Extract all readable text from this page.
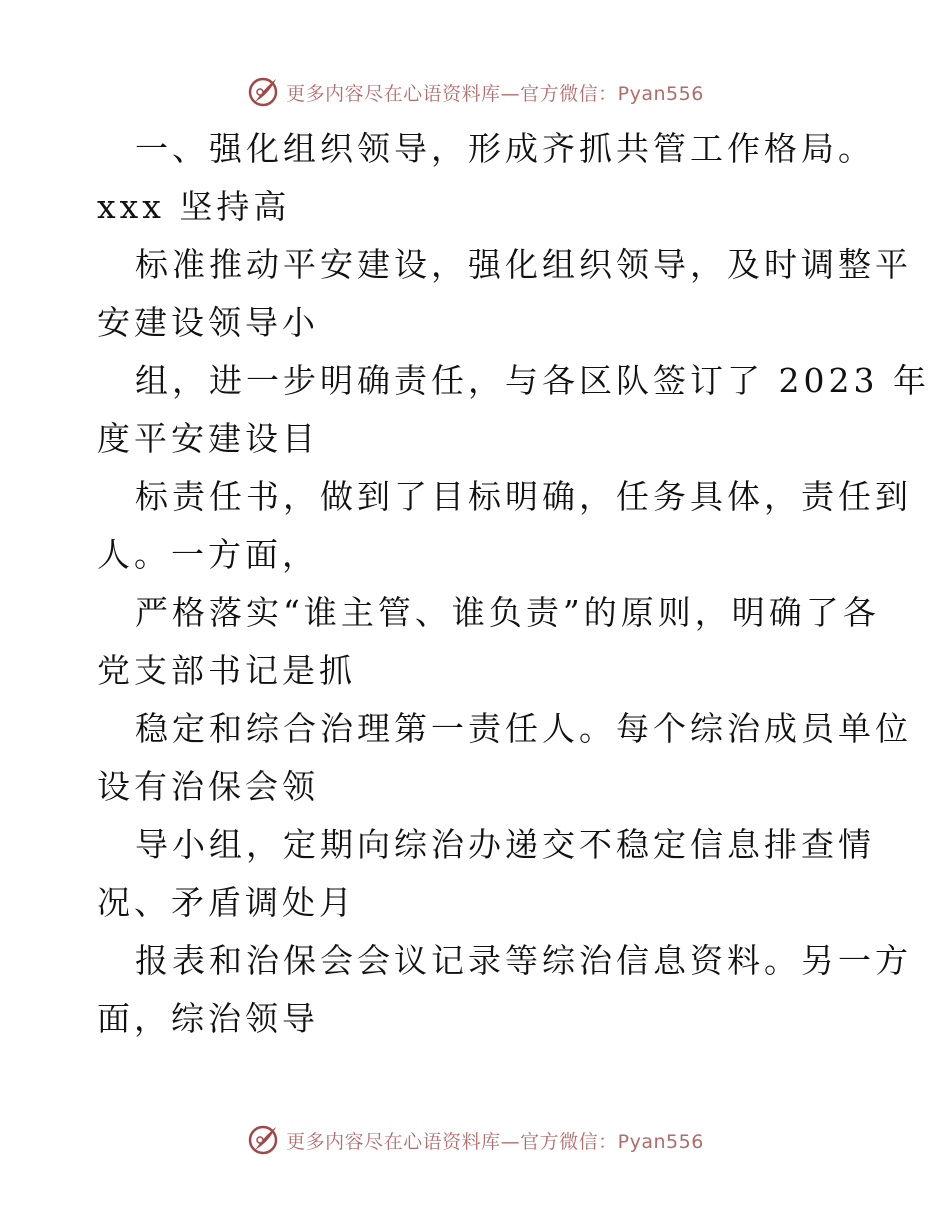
更多内容尽在心语资料库—官方微信：Pyan556
一、强化组织领导，形成齐抓共管工作格局。
xxx 坚持高
标准推动平安建设，强化组织领导，及时调整平
安建设领导小
组，进一步明确责任，与各区队签订了 2023 年
度平安建设目
标责任书，做到了目标明确，任务具体，责任到
人。一方面，
严格落实“谁主管、谁负责”的原则，明确了各
党支部书记是抓
稳定和综合治理第一责任人。每个综治成员单位
设有治保会领
导小组，定期向综治办递交不稳定信息排查情
况、矛盾调处月
报表和治保会会议记录等综治信息资料。另一方
面，综治领导
更多内容尽在心语资料库—官方微信：Pyan556
